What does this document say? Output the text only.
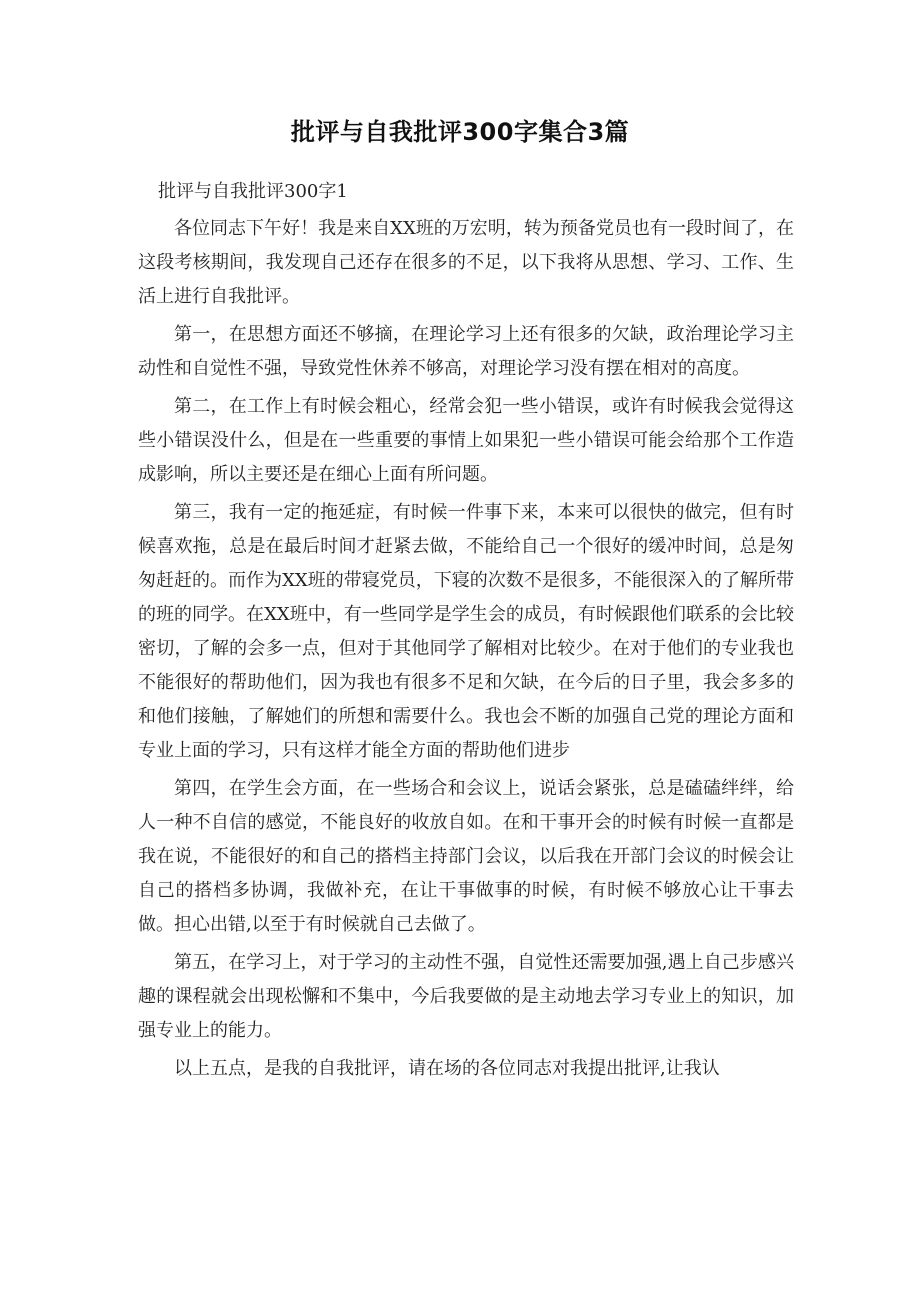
批评与自我批评300字集合3篇

批评与自我批评300字1

各位同志下午好！我是来自XX班的万宏明，转为预备党员也有一段时间了，在这段考核期间，我发现自己还存在很多的不足，以下我将从思想、学习、工作、生活上进行自我批评。

第一，在思想方面还不够摘，在理论学习上还有很多的欠缺，政治理论学习主动性和自觉性不强，导致党性休养不够高，对理论学习没有摆在相对的高度。

第二，在工作上有时候会粗心，经常会犯一些小错误，或许有时候我会觉得这些小错误没什么，但是在一些重要的事情上如果犯一些小错误可能会给那个工作造成影响，所以主要还是在细心上面有所问题。

第三，我有一定的拖延症，有时候一件事下来，本来可以很快的做完，但有时候喜欢拖，总是在最后时间才赶紧去做，不能给自己一个很好的缓冲时间，总是匆匆赶赶的。而作为XX班的带寝党员，下寝的次数不是很多，不能很深入的了解所带的班的同学。在XX班中，有一些同学是学生会的成员，有时候跟他们联系的会比较密切，了解的会多一点，但对于其他同学了解相对比较少。在对于他们的专业我也不能很好的帮助他们，因为我也有很多不足和欠缺，在今后的日子里，我会多多的和他们接触，了解她们的所想和需要什么。我也会不断的加强自己党的理论方面和专业上面的学习，只有这样才能全方面的帮助他们进步

第四，在学生会方面，在一些场合和会议上，说话会紧张，总是磕磕绊绊，给人一种不自信的感觉，不能良好的收放自如。在和干事开会的时候有时候一直都是我在说，不能很好的和自己的搭档主持部门会议，以后我在开部门会议的时候会让自己的搭档多协调，我做补充，在让干事做事的时候，有时候不够放心让干事去做。担心出错,以至于有时候就自己去做了。

第五，在学习上，对于学习的主动性不强，自觉性还需要加强,遇上自己步感兴趣的课程就会出现松懈和不集中，今后我要做的是主动地去学习专业上的知识，加强专业上的能力。

以上五点，是我的自我批评，请在场的各位同志对我提出批评,让我认
